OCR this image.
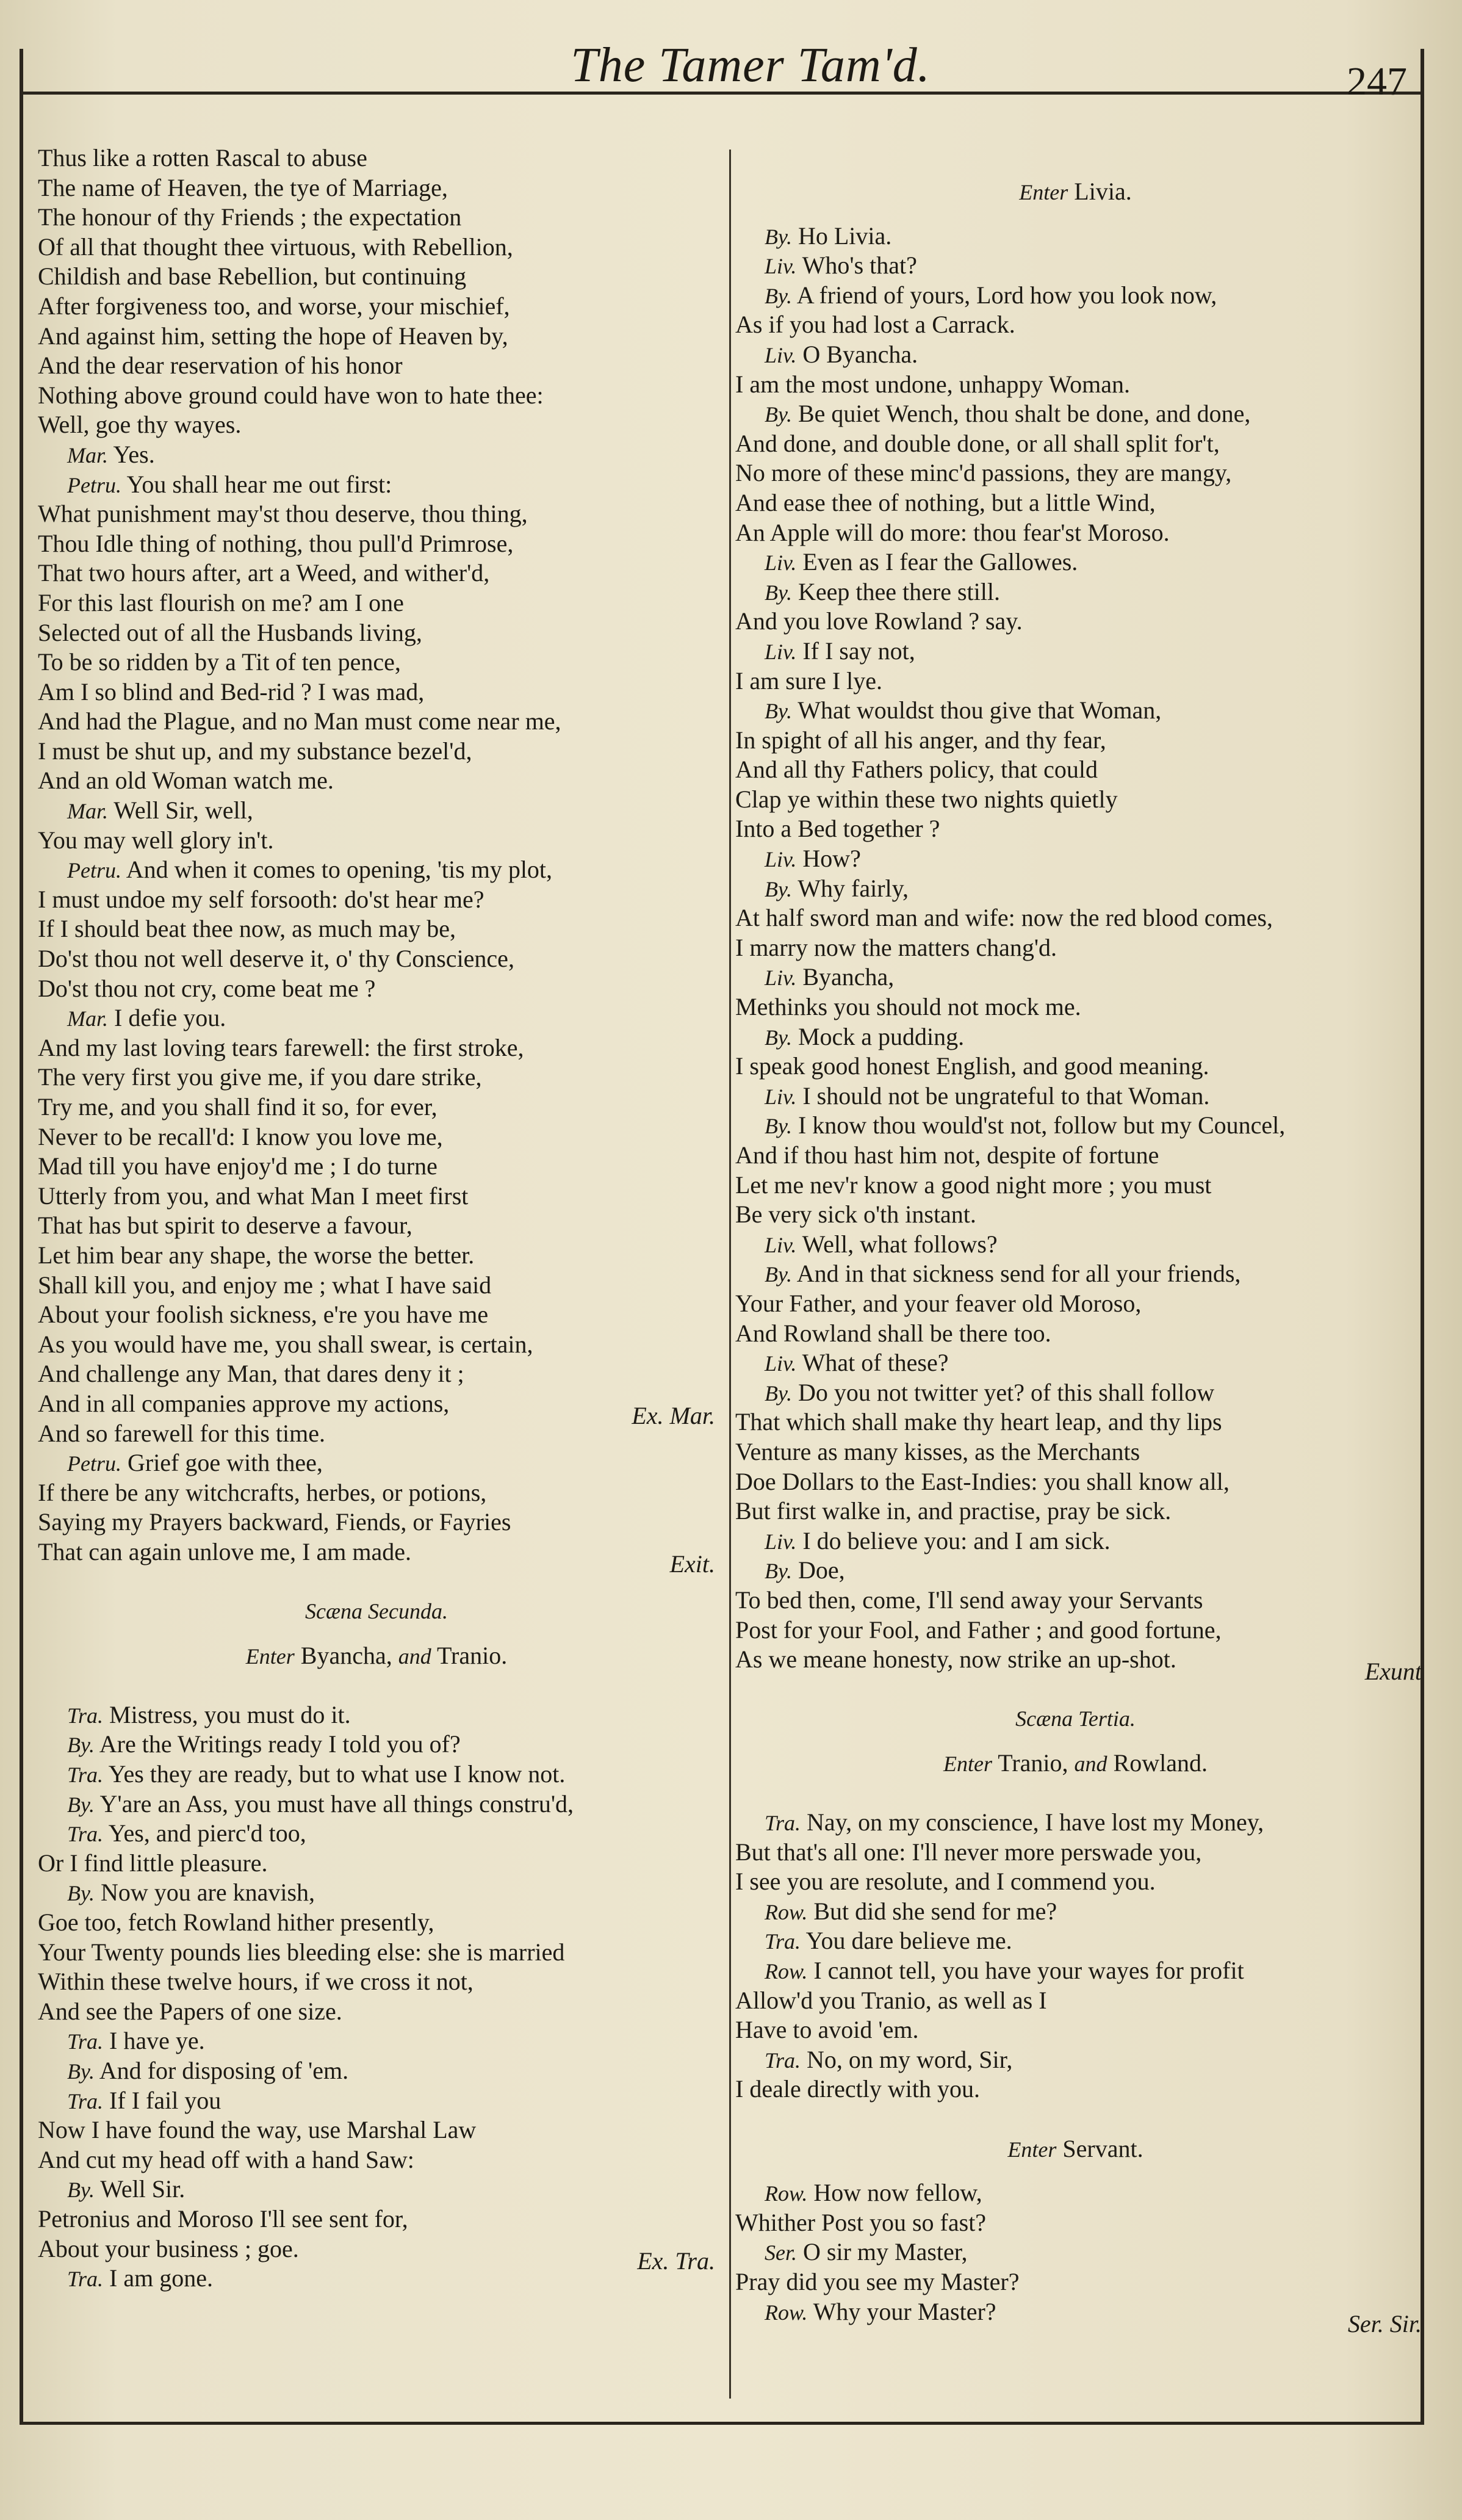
The Tamer Tam'd.	247
Thus like a rotten Rascal to abuse
The name of Heaven, the tye of Marriage,
The honour of thy Friends ; the expectation
Of all that thought thee virtuous, with Rebellion,
Childish and base Rebellion, but continuing
After forgiveness too, and worse, your mischief,
And against him, setting the hope of Heaven by,
And the dear reservation of his honor
Nothing above ground could have won to hate thee:
Well, goe thy wayes.
Mar. Yes.
Petru. You shall hear me out first:
What punishment may'st thou deserve, thou thing,
Thou Idle thing of nothing, thou pull'd Primrose,
That two hours after, art a Weed, and wither'd,
For this last flourish on me? am I one
Selected out of all the Husbands living,
To be so ridden by a Tit of ten pence,
Am I so blind and Bed-rid ? I was mad,
And had the Plague, and no Man must come near me,
I must be shut up, and my substance bezel'd,
And an old Woman watch me.
Mar. Well Sir, well,
You may well glory in't.
Petru. And when it comes to opening, 'tis my plot,
I must undoe my self forsooth: do'st hear me?
If I should beat thee now, as much may be,
Do'st thou not well deserve it, o' thy Conscience,
Do'st thou not cry, come beat me ?
Mar. I defie you.
And my last loving tears farewell: the first stroke,
The very first you give me, if you dare strike,
Try me, and you shall find it so, for ever,
Never to be recall'd: I know you love me,
Mad till you have enjoy'd me ; I do turne
Utterly from you, and what Man I meet first
That has but spirit to deserve a favour,
Let him bear any shape, the worse the better.
Shall kill you, and enjoy me ; what I have said
About your foolish sickness, e're you have me
As you would have me, you shall swear, is certain,
And challenge any Man, that dares deny it ;
And in all companies approve my actions,	Ex. Mar.
And so farewell for this time.
Petru. Grief goe with thee,
If there be any witchcrafts, herbes, or potions,
Saying my Prayers backward, Fiends, or Fayries
That can again unlove me, I am made.	Exit.
Scæna Secunda.
Enter Byancha, and Tranio.
Tra. Mistress, you must do it.
By. Are the Writings ready I told you of?
Tra. Yes they are ready, but to what use I know not.
By. Y'are an Ass, you must have all things constru'd,
Tra. Yes, and pierc'd too,
Or I find little pleasure.
By. Now you are knavish,
Goe too, fetch Rowland hither presently,
Your Twenty pounds lies bleeding else: she is married
Within these twelve hours, if we cross it not,
And see the Papers of one size.
Tra. I have ye.
By. And for disposing of 'em.
Tra. If I fail you
Now I have found the way, use Marshal Law
And cut my head off with a hand Saw:
By. Well Sir.
Petronius and Moroso I'll see sent for,
About your business ; goe.	Ex. Tra.
Tra. I am gone.
Enter Livia.
By. Ho Livia.
Liv. Who's that?
By. A friend of yours, Lord how you look now,
As if you had lost a Carrack.
Liv. O Byancha.
I am the most undone, unhappy Woman.
By. Be quiet Wench, thou shalt be done, and done,
And done, and double done, or all shall split for't,
No more of these minc'd passions, they are mangy,
And ease thee of nothing, but a little Wind,
An Apple will do more: thou fear'st Moroso.
Liv. Even as I fear the Gallowes.
By. Keep thee there still.
And you love Rowland ? say.
Liv. If I say not,
I am sure I lye.
By. What wouldst thou give that Woman,
In spight of all his anger, and thy fear,
And all thy Fathers policy, that could
Clap ye within these two nights quietly
Into a Bed together ?
Liv. How?
By. Why fairly,
At half sword man and wife: now the red blood comes,
I marry now the matters chang'd.
Liv. Byancha,
Methinks you should not mock me.
By. Mock a pudding.
I speak good honest English, and good meaning.
Liv. I should not be ungrateful to that Woman.
By. I know thou would'st not, follow but my Councel,
And if thou hast him not, despite of fortune
Let me nev'r know a good night more ; you must
Be very sick o'th instant.
Liv. Well, what follows?
By. And in that sickness send for all your friends,
Your Father, and your feaver old Moroso,
And Rowland shall be there too.
Liv. What of these?
By. Do you not twitter yet? of this shall follow
That which shall make thy heart leap, and thy lips
Venture as many kisses, as the Merchants
Doe Dollars to the East-Indies: you shall know all,
But first walke in, and practise, pray be sick.
Liv. I do believe you: and I am sick.
By. Doe,
To bed then, come, I'll send away your Servants
Post for your Fool, and Father ; and good fortune,
As we meane honesty, now strike an up-shot.	Exunt
Scæna Tertia.
Enter Tranio, and Rowland.
Tra. Nay, on my conscience, I have lost my Money,
But that's all one: I'll never more perswade you,
I see you are resolute, and I commend you.
Row. But did she send for me?
Tra. You dare believe me.
Row. I cannot tell, you have your wayes for profit
Allow'd you Tranio, as well as I
Have to avoid 'em.
Tra. No, on my word, Sir,
I deale directly with you.
Enter Servant.
Row. How now fellow,
Whither Post you so fast?
Ser. O sir my Master,
Pray did you see my Master?
Row. Why your Master?	Ser. Sir.
